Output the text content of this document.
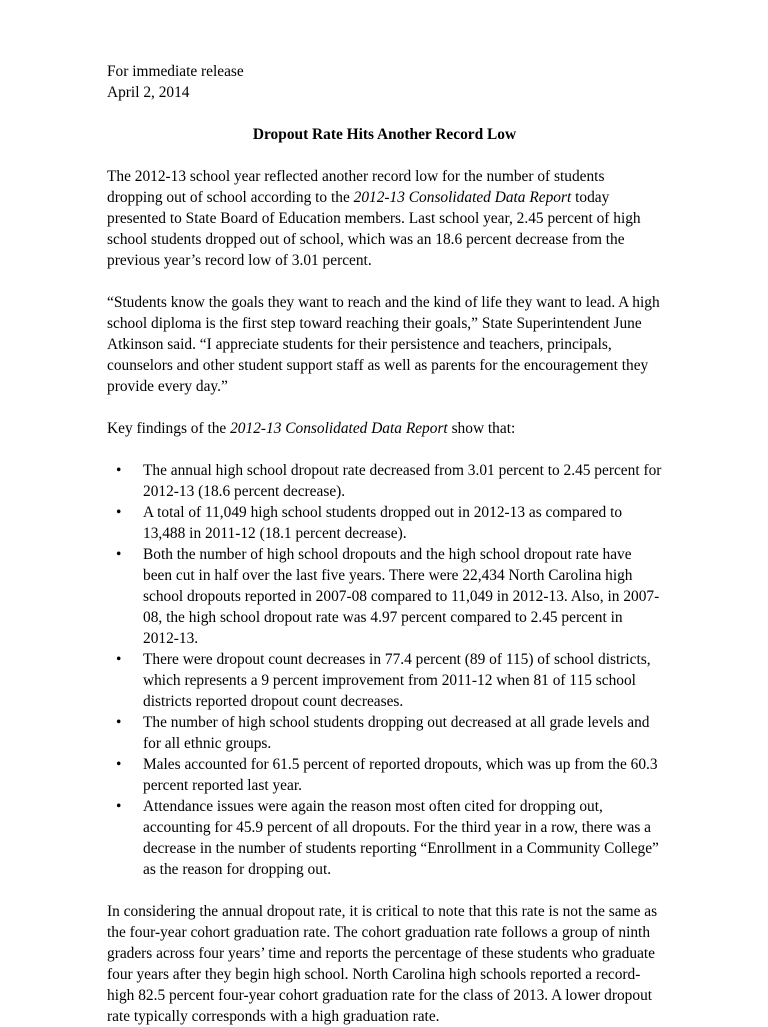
For immediate release
April 2, 2014
Dropout Rate Hits Another Record Low

The 2012-13 school year reflected another record low for the number of students dropping out of school according to the 2012-13 Consolidated Data Report today presented to State Board of Education members. Last school year, 2.45 percent of high school students dropped out of school, which was an 18.6 percent decrease from the previous year’s record low of 3.01 percent.

“Students know the goals they want to reach and the kind of life they want to lead. A high school diploma is the first step toward reaching their goals,” State Superintendent June Atkinson said. “I appreciate students for their persistence and teachers, principals, counselors and other student support staff as well as parents for the encouragement they provide every day.”

Key findings of the 2012-13 Consolidated Data Report show that:

• The annual high school dropout rate decreased from 3.01 percent to 2.45 percent for 2012-13 (18.6 percent decrease).
• A total of 11,049 high school students dropped out in 2012-13 as compared to 13,488 in 2011-12 (18.1 percent decrease).
• Both the number of high school dropouts and the high school dropout rate have been cut in half over the last five years. There were 22,434 North Carolina high school dropouts reported in 2007-08 compared to 11,049 in 2012-13. Also, in 2007-08, the high school dropout rate was 4.97 percent compared to 2.45 percent in 2012-13.
• There were dropout count decreases in 77.4 percent (89 of 115) of school districts, which represents a 9 percent improvement from 2011-12 when 81 of 115 school districts reported dropout count decreases.
• The number of high school students dropping out decreased at all grade levels and for all ethnic groups.
• Males accounted for 61.5 percent of reported dropouts, which was up from the 60.3 percent reported last year.
• Attendance issues were again the reason most often cited for dropping out, accounting for 45.9 percent of all dropouts. For the third year in a row, there was a decrease in the number of students reporting “Enrollment in a Community College” as the reason for dropping out.

In considering the annual dropout rate, it is critical to note that this rate is not the same as the four-year cohort graduation rate. The cohort graduation rate follows a group of ninth graders across four years’ time and reports the percentage of these students who graduate four years after they begin high school. North Carolina high schools reported a record-high 82.5 percent four-year cohort graduation rate for the class of 2013. A lower dropout rate typically corresponds with a high graduation rate.
